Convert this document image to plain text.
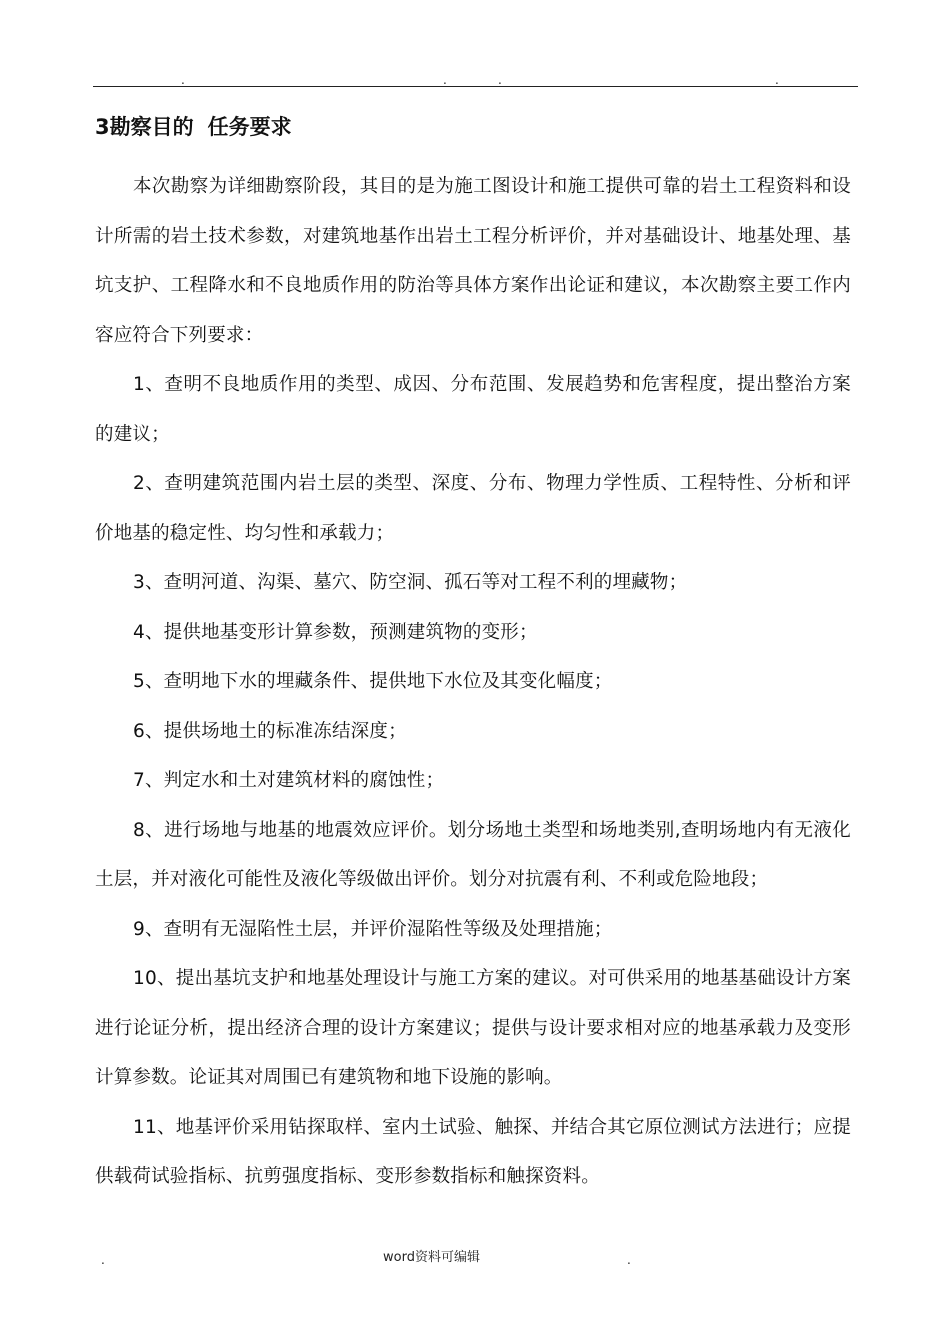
.	.	.	.
3勘察目的 任务要求

本次勘察为详细勘察阶段，其目的是为施工图设计和施工提供可靠的岩土工程资料和设计所需的岩土技术参数，对建筑地基作出岩土工程分析评价，并对基础设计、地基处理、基坑支护、工程降水和不良地质作用的防治等具体方案作出论证和建议，本次勘察主要工作内容应符合下列要求：

1、查明不良地质作用的类型、成因、分布范围、发展趋势和危害程度，提出整治方案的建议；

2、查明建筑范围内岩土层的类型、深度、分布、物理力学性质、工程特性、分析和评价地基的稳定性、均匀性和承载力；

3、查明河道、沟渠、墓穴、防空洞、孤石等对工程不利的埋藏物；

4、提供地基变形计算参数，预测建筑物的变形；

5、查明地下水的埋藏条件、提供地下水位及其变化幅度；

6、提供场地土的标准冻结深度；

7、判定水和土对建筑材料的腐蚀性；

8、进行场地与地基的地震效应评价。划分场地土类型和场地类别,查明场地内有无液化土层，并对液化可能性及液化等级做出评价。划分对抗震有利、不利或危险地段；

9、查明有无湿陷性土层，并评价湿陷性等级及处理措施；

10、提出基坑支护和地基处理设计与施工方案的建议。对可供采用的地基基础设计方案进行论证分析，提出经济合理的设计方案建议；提供与设计要求相对应的地基承载力及变形计算参数。论证其对周围已有建筑物和地下设施的影响。

11、地基评价采用钻探取样、室内土试验、触探、并结合其它原位测试方法进行；应提供载荷试验指标、抗剪强度指标、变形参数指标和触探资料。

.	word资料可编辑	.
